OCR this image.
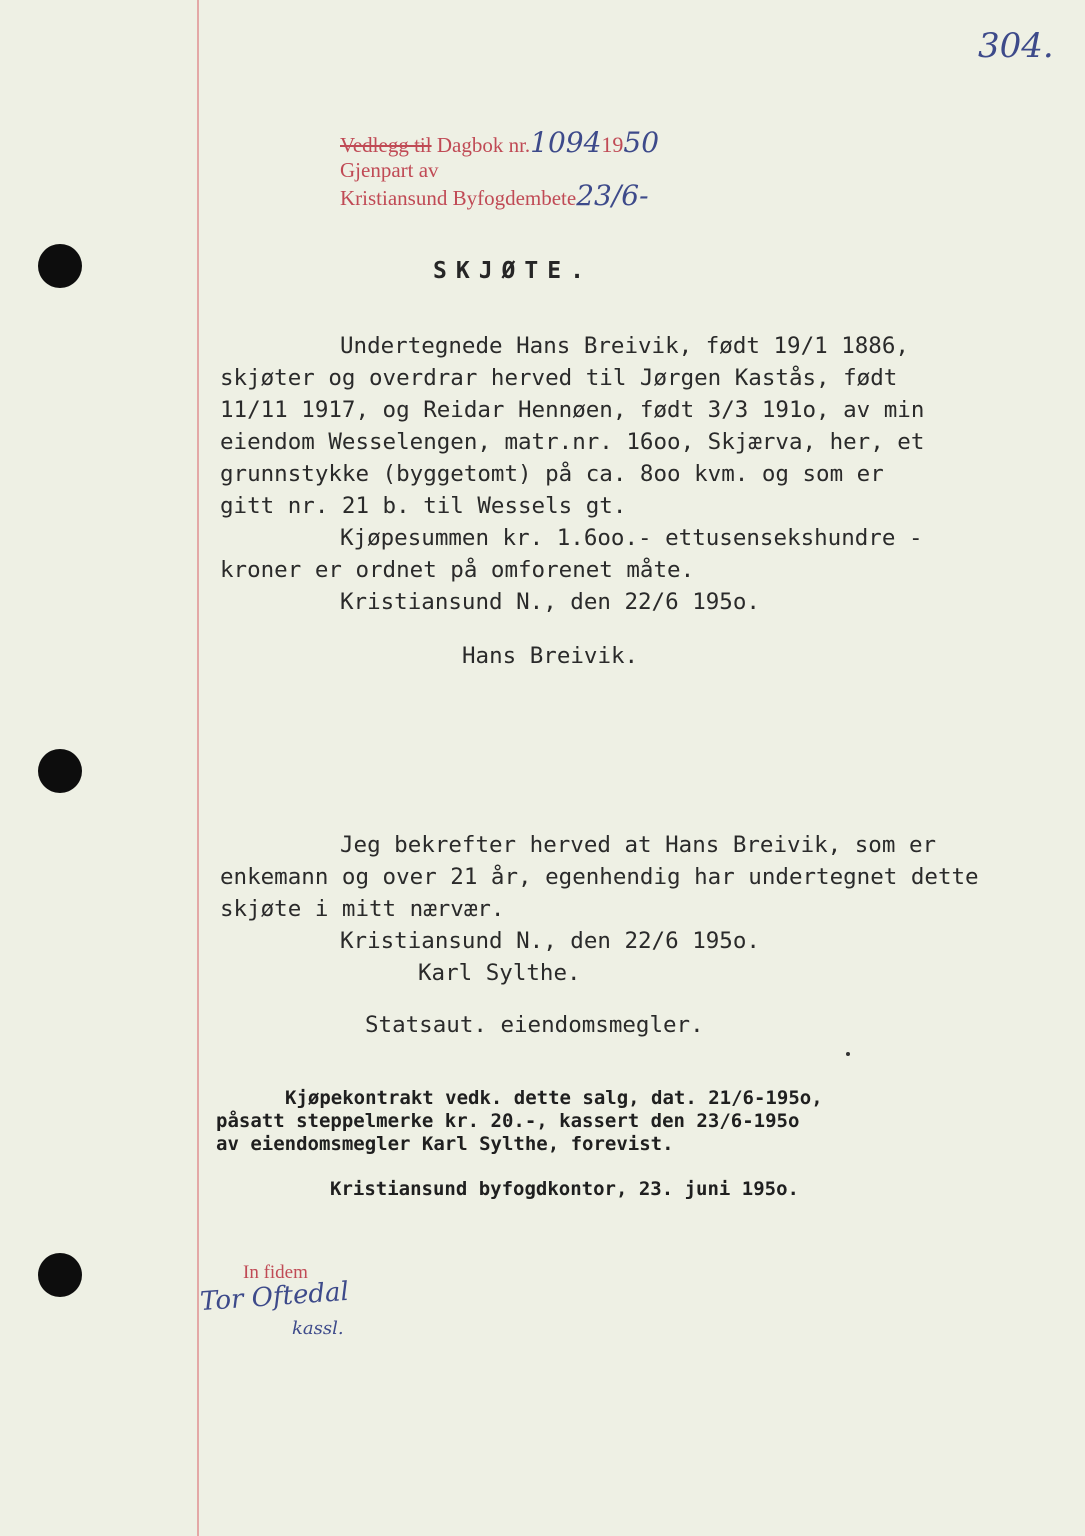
304.
Vedlegg til Dagbok nr.10941950
Gjenpart av
Kristiansund Byfogdembete23/6-
SKJØTE.
Undertegnede Hans Breivik, født 19/1 1886,
skjøter og overdrar herved til Jørgen Kastås, født
11/11 1917, og Reidar Hennøen, født 3/3 191o, av min
eiendom Wesselengen, matr.nr. 16oo, Skjærva, her, et
grunnstykke (byggetomt) på ca. 8oo kvm. og som er
gitt nr. 21 b. til Wessels gt.
Kjøpesummen kr. 1.6oo.- ettusensekshundre -
kroner er ordnet på omforenet måte.
Kristiansund N., den 22/6 195o.
Hans Breivik.
Jeg bekrefter herved at Hans Breivik, som er
enkemann og over 21 år, egenhendig har undertegnet dette
skjøte i mitt nærvær.
Kristiansund N., den 22/6 195o.
Karl Sylthe.
Statsaut. eiendomsmegler.
Kjøpekontrakt vedk. dette salg, dat. 21/6-195o,
påsatt steppelmerke kr. 20.-, kassert den 23/6-195o
av eiendomsmegler Karl Sylthe, forevist.
Kristiansund byfogdkontor, 23. juni 195o.
In fidem
Tor Oftedal
kassl.
